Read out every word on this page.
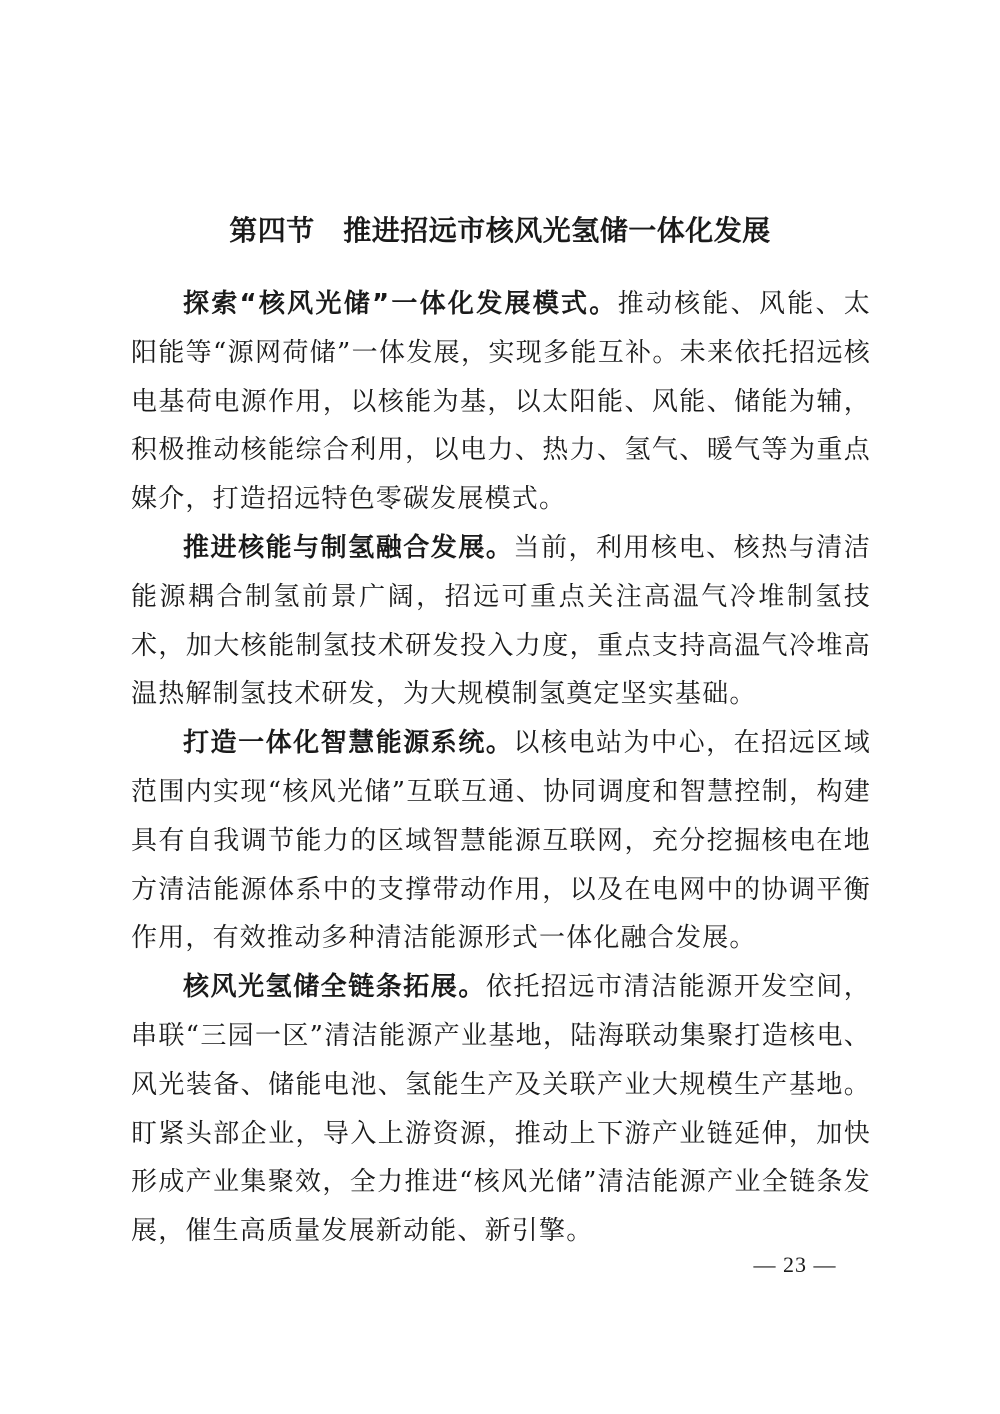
第四节　推进招远市核风光氢储一体化发展

探索“核风光储”一体化发展模式。推动核能、风能、太阳能等“源网荷储”一体发展，实现多能互补。未来依托招远核电基荷电源作用，以核能为基，以太阳能、风能、储能为辅，积极推动核能综合利用，以电力、热力、氢气、暖气等为重点媒介，打造招远特色零碳发展模式。

推进核能与制氢融合发展。当前，利用核电、核热与清洁能源耦合制氢前景广阔，招远可重点关注高温气冷堆制氢技术，加大核能制氢技术研发投入力度，重点支持高温气冷堆高温热解制氢技术研发，为大规模制氢奠定坚实基础。

打造一体化智慧能源系统。以核电站为中心，在招远区域范围内实现“核风光储”互联互通、协同调度和智慧控制，构建具有自我调节能力的区域智慧能源互联网，充分挖掘核电在地方清洁能源体系中的支撑带动作用，以及在电网中的协调平衡作用，有效推动多种清洁能源形式一体化融合发展。

核风光氢储全链条拓展。依托招远市清洁能源开发空间，串联“三园一区”清洁能源产业基地，陆海联动集聚打造核电、风光装备、储能电池、氢能生产及关联产业大规模生产基地。盯紧头部企业，导入上游资源，推动上下游产业链延伸，加快形成产业集聚效，全力推进“核风光储”清洁能源产业全链条发展，催生高质量发展新动能、新引擎。

— 23 —
